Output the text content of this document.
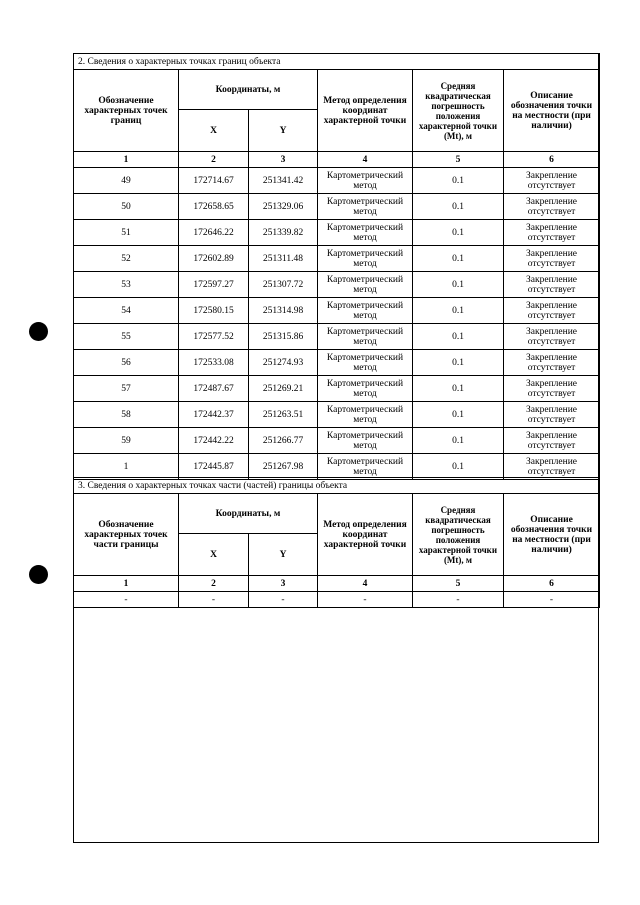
2. Сведения о характерных точках границ объекта					
Обозначение характерных точек границ	Координаты, м		Метод определения координат характерной точки	Средняя квадратическая погрешность положения характерной точки (Mt), м	Описание обозначения точки на местности (при наличии)
	X	Y			
1	2	3	4	5	6
49	172714.67	251341.42	Картометрический метод	0.1	Закрепление отсутствует
50	172658.65	251329.06	Картометрический метод	0.1	Закрепление отсутствует
51	172646.22	251339.82	Картометрический метод	0.1	Закрепление отсутствует
52	172602.89	251311.48	Картометрический метод	0.1	Закрепление отсутствует
53	172597.27	251307.72	Картометрический метод	0.1	Закрепление отсутствует
54	172580.15	251314.98	Картометрический метод	0.1	Закрепление отсутствует
55	172577.52	251315.86	Картометрический метод	0.1	Закрепление отсутствует
56	172533.08	251274.93	Картометрический метод	0.1	Закрепление отсутствует
57	172487.67	251269.21	Картометрический метод	0.1	Закрепление отсутствует
58	172442.37	251263.51	Картометрический метод	0.1	Закрепление отсутствует
59	172442.22	251266.77	Картометрический метод	0.1	Закрепление отсутствует
1	172445.87	251267.98	Картометрический метод	0.1	Закрепление отсутствует
3. Сведения о характерных точках части (частей) границы объекта					
Обозначение характерных точек части границы	Координаты, м		Метод определения координат характерной точки	Средняя квадратическая погрешность положения характерной точки (Mt), м	Описание обозначения точки на местности (при наличии)
	X	Y			
1	2	3	4	5	6
-	-	-	-	-	-
